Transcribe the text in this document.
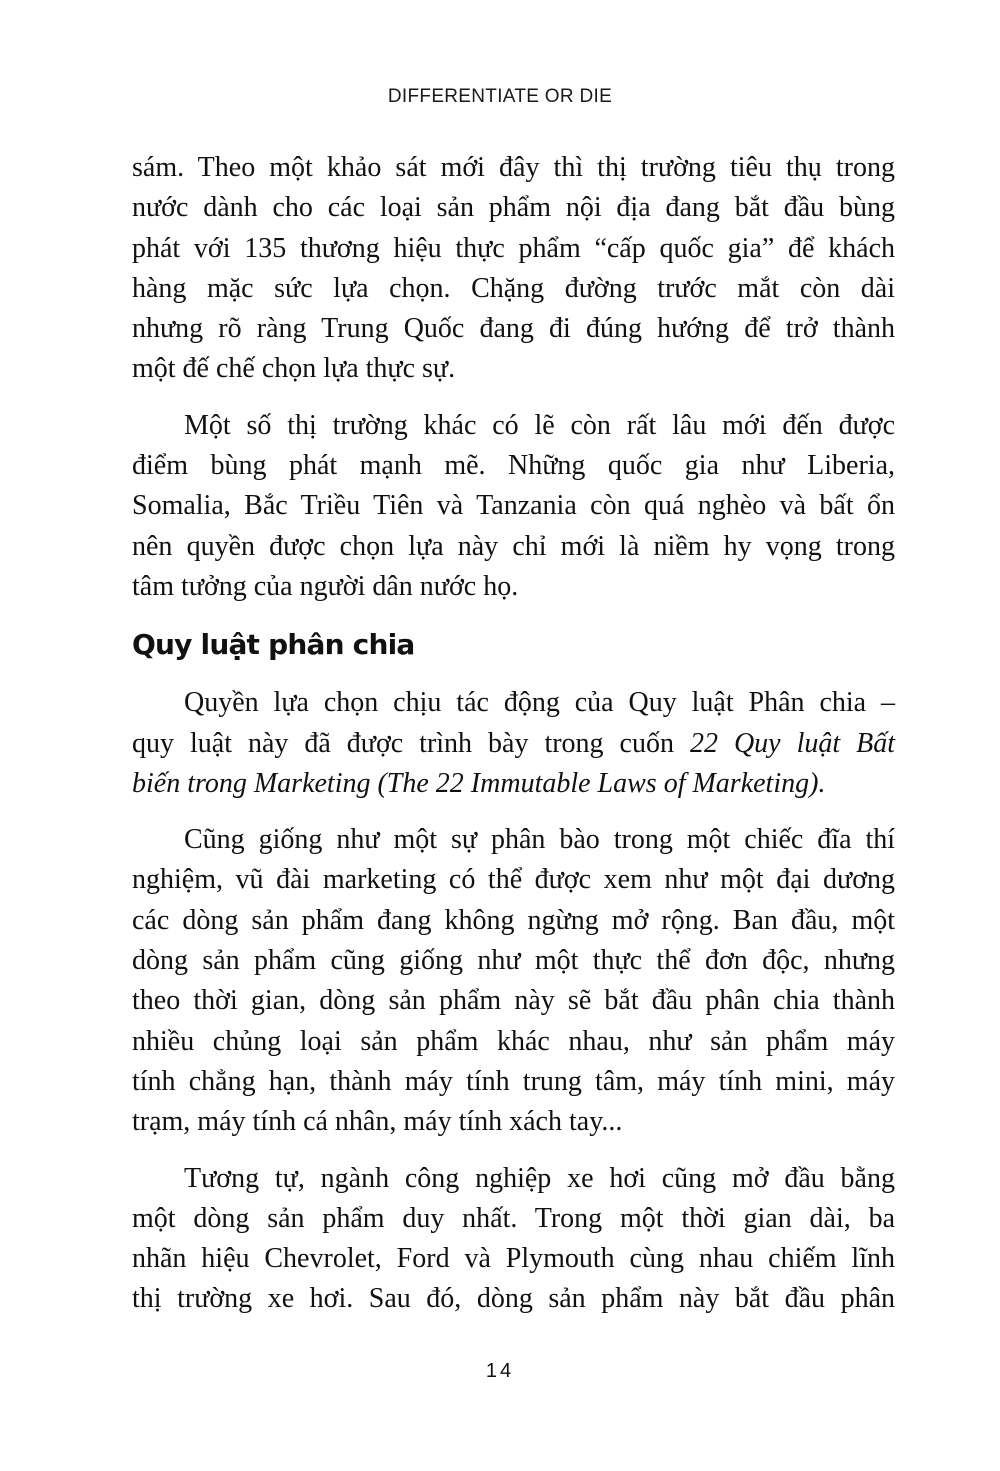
DIFFERENTIATE OR DIE
sám. Theo một khảo sát mới đây thì thị trường tiêu thụ trong
nước dành cho các loại sản phẩm nội địa đang bắt đầu bùng
phát với 135 thương hiệu thực phẩm “cấp quốc gia” để khách
hàng mặc sức lựa chọn. Chặng đường trước mắt còn dài
nhưng rõ ràng Trung Quốc đang đi đúng hướng để trở thành
một đế chế chọn lựa thực sự.
Một số thị trường khác có lẽ còn rất lâu mới đến được
điểm bùng phát mạnh mẽ. Những quốc gia như Liberia,
Somalia, Bắc Triều Tiên và Tanzania còn quá nghèo và bất ổn
nên quyền được chọn lựa này chỉ mới là niềm hy vọng trong
tâm tưởng của người dân nước họ.
Quy luật phân chia
Quyền lựa chọn chịu tác động của Quy luật Phân chia –
quy luật này đã được trình bày trong cuốn 22 Quy luật Bất
biến trong Marketing (The 22 Immutable Laws of Marketing).
Cũng giống như một sự phân bào trong một chiếc đĩa thí
nghiệm, vũ đài marketing có thể được xem như một đại dương
các dòng sản phẩm đang không ngừng mở rộng. Ban đầu, một
dòng sản phẩm cũng giống như một thực thể đơn độc, nhưng
theo thời gian, dòng sản phẩm này sẽ bắt đầu phân chia thành
nhiều chủng loại sản phẩm khác nhau, như sản phẩm máy
tính chẳng hạn, thành máy tính trung tâm, máy tính mini, máy
trạm, máy tính cá nhân, máy tính xách tay...
Tương tự, ngành công nghiệp xe hơi cũng mở đầu bằng
một dòng sản phẩm duy nhất. Trong một thời gian dài, ba
nhãn hiệu Chevrolet, Ford và Plymouth cùng nhau chiếm lĩnh
thị trường xe hơi. Sau đó, dòng sản phẩm này bắt đầu phân
14
